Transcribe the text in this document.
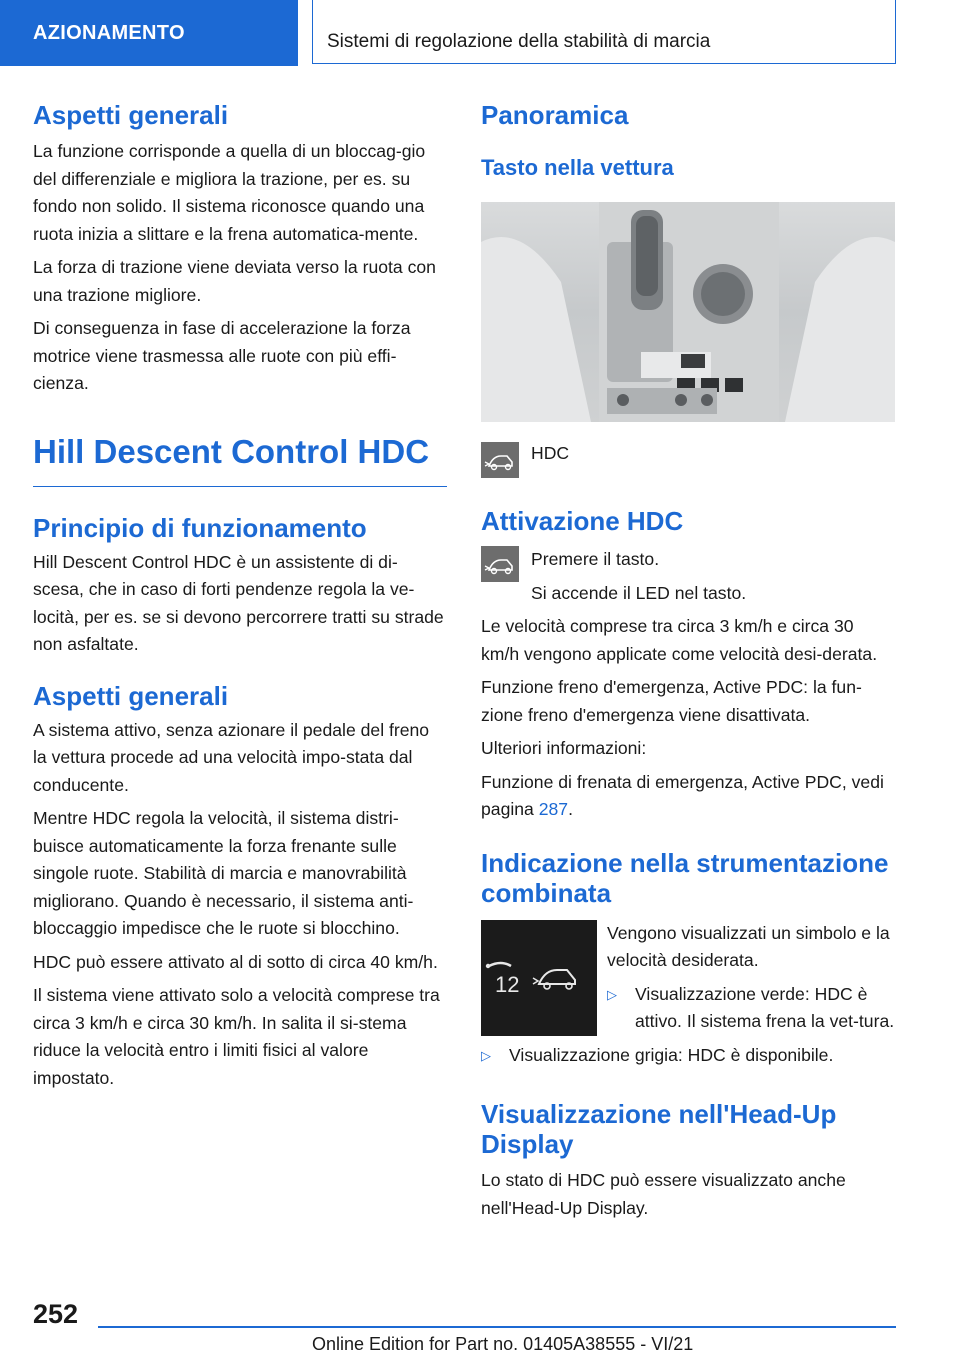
AZIONAMENTO	Sistemi di regolazione della stabilità di marcia
Aspetti generali

La funzione corrisponde a quella di un bloccag-gio del differenziale e migliora la trazione, per es. su fondo non solido. Il sistema riconosce quando una ruota inizia a slittare e la frena automatica-mente.

La forza di trazione viene deviata verso la ruota con una trazione migliore.

Di conseguenza in fase di accelerazione la forza motrice viene trasmessa alle ruote con più effi-cienza.

Hill Descent Control HDC
Principio di funzionamento

Hill Descent Control HDC è un assistente di di-scesa, che in caso di forti pendenze regola la ve-locità, per es. se si devono percorrere tratti su strade non asfaltate.

Aspetti generali

A sistema attivo, senza azionare il pedale del freno la vettura procede ad una velocità impo-stata dal conducente.

Mentre HDC regola la velocità, il sistema distri-buisce automaticamente la forza frenante sulle singole ruote. Stabilità di marcia e manovrabilità migliorano. Quando è necessario, il sistema anti-bloccaggio impedisce che le ruote si blocchino.

HDC può essere attivato al di sotto di circa 40 km/h.

Il sistema viene attivato solo a velocità comprese tra circa 3 km/h e circa 30 km/h. In salita il si-stema riduce la velocità entro i limiti fisici al valore impostato.

Panoramica
Tasto nella vettura
HDC
Attivazione HDC

Premere il tasto.

Si accende il LED nel tasto.

Le velocità comprese tra circa 3 km/h e circa 30 km/h vengono applicate come velocità desi-derata.

Funzione freno d'emergenza, Active PDC: la fun-zione freno d'emergenza viene disattivata.

Ulteriori informazioni:

Funzione di frenata di emergenza, Active PDC, vedi pagina 287.

Indicazione nella strumentazione combinata
12

Vengono visualizzati un simbolo e la velocità desiderata.

▷	Visualizzazione verde: HDC è attivo. Il sistema frena la vet-tura.
▷	Visualizzazione grigia: HDC è disponibile.
Visualizzazione nell'Head-Up Display

Lo stato di HDC può essere visualizzato anche nell'Head-Up Display.

252
Online Edition for Part no. 01405A38555 - VI/21
